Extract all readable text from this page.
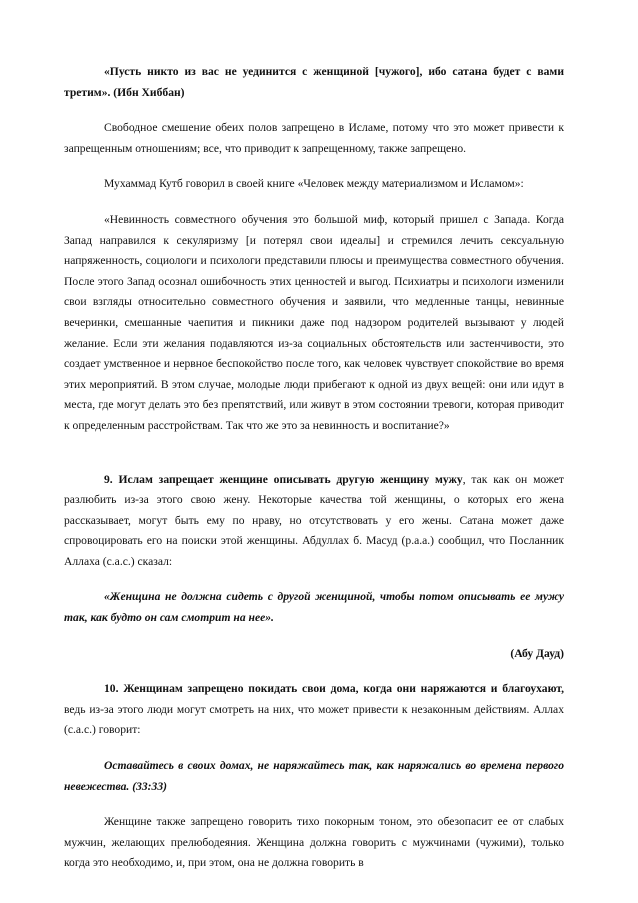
«Пусть никто из вас не уединится с женщиной [чужого], ибо сатана будет с вами третим». (Ибн Хиббан)

Свободное смешение обеих полов запрещено в Исламе, потому что это может привести к запрещенным отношениям; все, что приводит к запрещенному, также запрещено.

Мухаммад Кутб говорил в своей книге «Человек между материализмом и Исламом»:

«Невинность совместного обучения это большой миф, который пришел с Запада. Когда Запад направился к секуляризму [и потерял свои идеалы] и стремился лечить сексуальную напряженность, социологи и психологи представили плюсы и преимущества совместного обучения. После этого Запад осознал ошибочность этих ценностей и выгод. Психиатры и психологи изменили свои взгляды относительно совместного обучения и заявили, что медленные танцы, невинные вечеринки, смешанные чаепития и пикники даже под надзором родителей вызывают у людей желание. Если эти желания подавляются из-за социальных обстоятельств или застенчивости, это создает умственное и нервное беспокойство после того, как человек чувствует спокойствие во время этих мероприятий. В этом случае, молодые люди прибегают к одной из двух вещей: они или идут в места, где могут делать это без препятствий, или живут в этом состоянии тревоги, которая приводит к определенным расстройствам. Так что же это за невинность и воспитание?»

9. Ислам запрещает женщине описывать другую женщину мужу, так как он может разлюбить из-за этого свою жену. Некоторые качества той женщины, о которых его жена рассказывает, могут быть ему по нраву, но отсутствовать у его жены. Сатана может даже спровоцировать его на поиски этой женщины. Абдуллах б. Масуд (р.а.а.) сообщил, что Посланник Аллаха (с.а.с.) сказал:

«Женщина не должна сидеть с другой женщиной, чтобы потом описывать ее мужу так, как будто он сам смотрит на нее».

(Абу Дауд)

10. Женщинам запрещено покидать свои дома, когда они наряжаются и благоухают, ведь из-за этого люди могут смотреть на них, что может привести к незаконным действиям. Аллах (с.а.с.) говорит:

Оставайтесь в своих домах, не наряжайтесь так, как наряжались во времена первого невежества. (33:33)

Женщине также запрещено говорить тихо покорным тоном, это обезопасит ее от слабых мужчин, желающих прелюбодеяния. Женщина должна говорить с мужчинами (чужими), только когда это необходимо, и, при этом, она не должна говорить в
